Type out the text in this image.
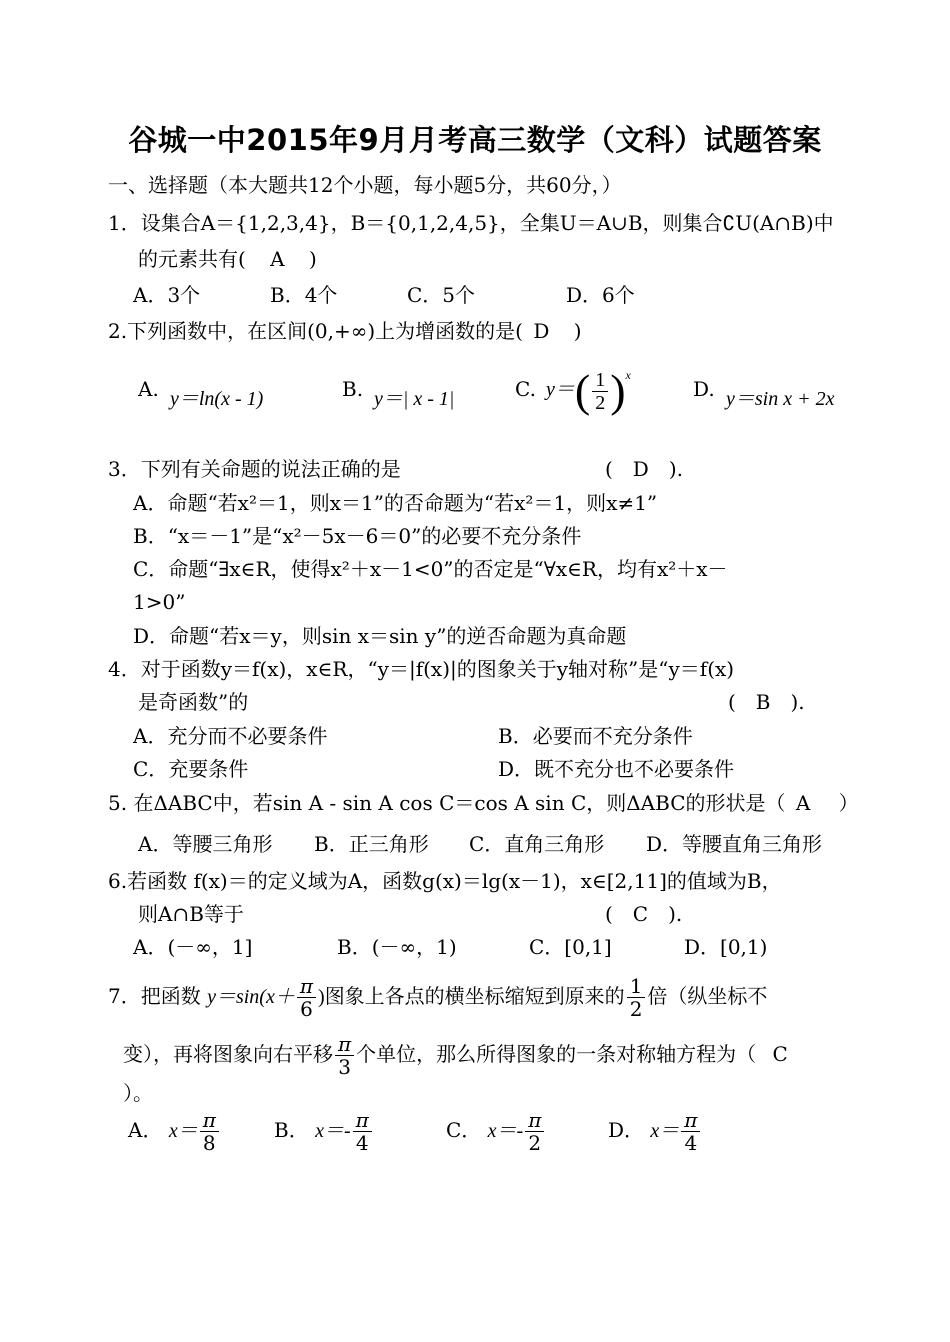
谷城一中2015年9月月考高三数学（文科）试题答案
一、选择题（本大题共12个小题，每小题5分，共60分，）
1．设集合A＝{1,2,3,4}，B＝{0,1,2,4,5}，全集U＝A∪B，则集合∁U(A∩B)中
的元素共有( A )
A．3个	B．4个	C．5个	D．6个
2.下列函数中，在区间(0,+∞)上为增函数的是( D )
A. y＝ln(x - 1)	B. y＝| x - 1|	C. $y=( \frac{1}{2} )^x$
D. y＝sin x + 2x
3．下列有关命题的说法正确的是	(　D　).
A．命题“若x²＝1，则x＝1”的否命题为“若x²＝1，则x≠1”
B．“x＝－1”是“x²－5x－6＝0”的必要不充分条件
C．命题“∃x∈R，使得x²＋x－1<0”的否定是“∀x∈R，均有x²＋x－
1>0”
D．命题“若x＝y，则sin x＝sin y”的逆否命题为真命题
4．对于函数y＝f(x)，x∈R，“y＝|f(x)|的图象关于y轴对称”是“y＝f(x)
是奇函数”的	(　B　).
A．充分而不必要条件	B．必要而不充分条件
C．充要条件	D．既不充分也不必要条件
5. 在ΔABC中，若sin A - sin A cos C＝cos A sin C，则ΔABC的形状是（ A ）
A．等腰三角形 B．正三角形 C．直角三角形 D．等腰直角三角形
6.若函数 f(x)＝的定义域为A，函数g(x)＝lg(x－1)，x∈[2,11]的值域为B，
则A∩B等于	(　C　).
A．(－∞，1]	B．(－∞，1)	C．[0,1]	D．[0,1)
7．把函数 $y=\sin(x+ \frac{\pi}{6}$ )图象上各点的横坐标缩短到原来的 $\frac{1}{2}$ 倍（纵坐标不
变），再将图象向右平移 $\frac{\pi}{3}$ 个单位，那么所得图象的一条对称轴方程为（ C
）。
A． $x= \frac{\pi}{8}$	B． $x=- \frac{\pi}{4}$	C． $x=- \frac{\pi}{2}$	D． $x= \frac{\pi}{4}$
